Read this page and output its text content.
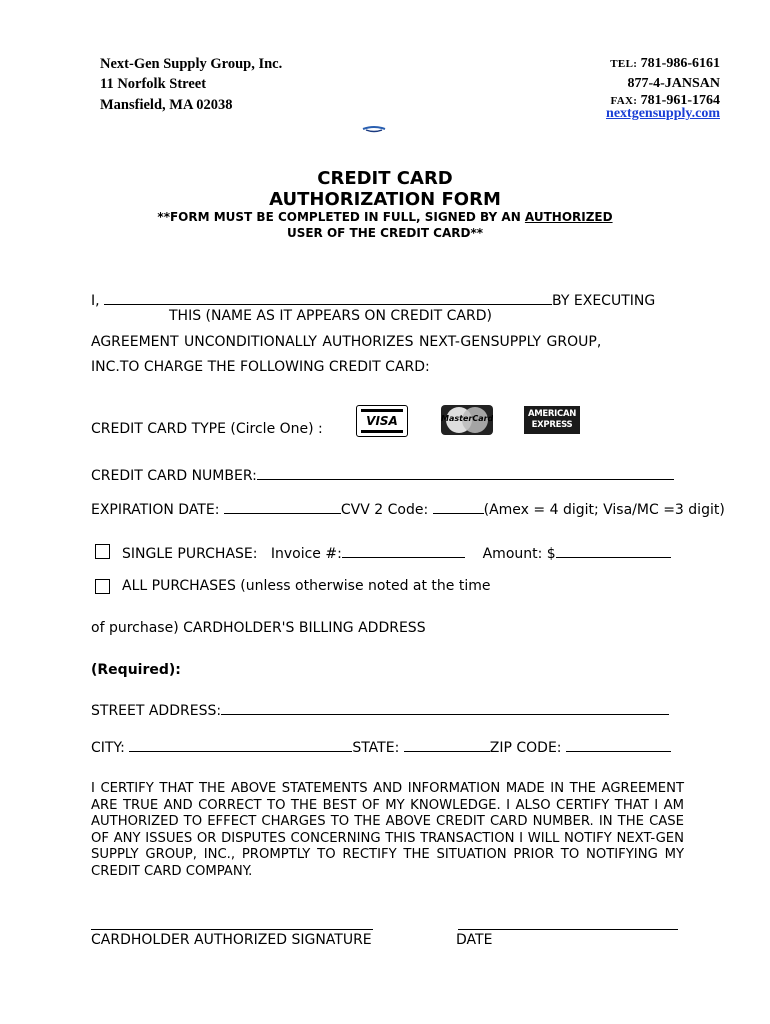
Next-Gen Supply Group, Inc.
11 Norfolk Street
Mansfield, MA 02038
TEL: 781-986-6161
877-4-JANSAN
FAX: 781-961-1764
nextgensupply.com
CREDIT CARD
AUTHORIZATION FORM
**FORM MUST BE COMPLETED IN FULL, SIGNED BY AN AUTHORIZED
USER OF THE CREDIT CARD**
I,	BY EXECUTING
THIS (NAME AS IT APPEARS ON CREDIT CARD)
AGREEMENT UNCONDITIONALLY AUTHORIZES NEXT-GENSUPPLY GROUP,
INC.TO CHARGE THE FOLLOWING CREDIT CARD:
CREDIT CARD TYPE (Circle One) :	VISA	MasterCard	AMERICAN
EXPRESS
CREDIT CARD NUMBER:
EXPIRATION DATE:	CVV 2 Code:	(Amex = 4 digit; Visa/MC =3 digit)
SINGLE PURCHASE: Invoice #:	Amount: $
ALL PURCHASES (unless otherwise noted at the time
of purchase) CARDHOLDER'S BILLING ADDRESS
(Required):
STREET ADDRESS:
CITY:	STATE:	ZIP CODE:
I CERTIFY THAT THE ABOVE STATEMENTS AND INFORMATION MADE IN THE AGREEMENT ARE TRUE AND CORRECT TO THE BEST OF MY KNOWLEDGE. I ALSO CERTIFY THAT I AM AUTHORIZED TO EFFECT CHARGES TO THE ABOVE CREDIT CARD NUMBER. IN THE CASE OF ANY ISSUES OR DISPUTES CONCERNING THIS TRANSACTION I WILL NOTIFY NEXT-GEN SUPPLY GROUP, INC., PROMPTLY TO RECTIFY THE SITUATION PRIOR TO NOTIFYING MY CREDIT CARD COMPANY.
CARDHOLDER AUTHORIZED SIGNATURE	DATE
